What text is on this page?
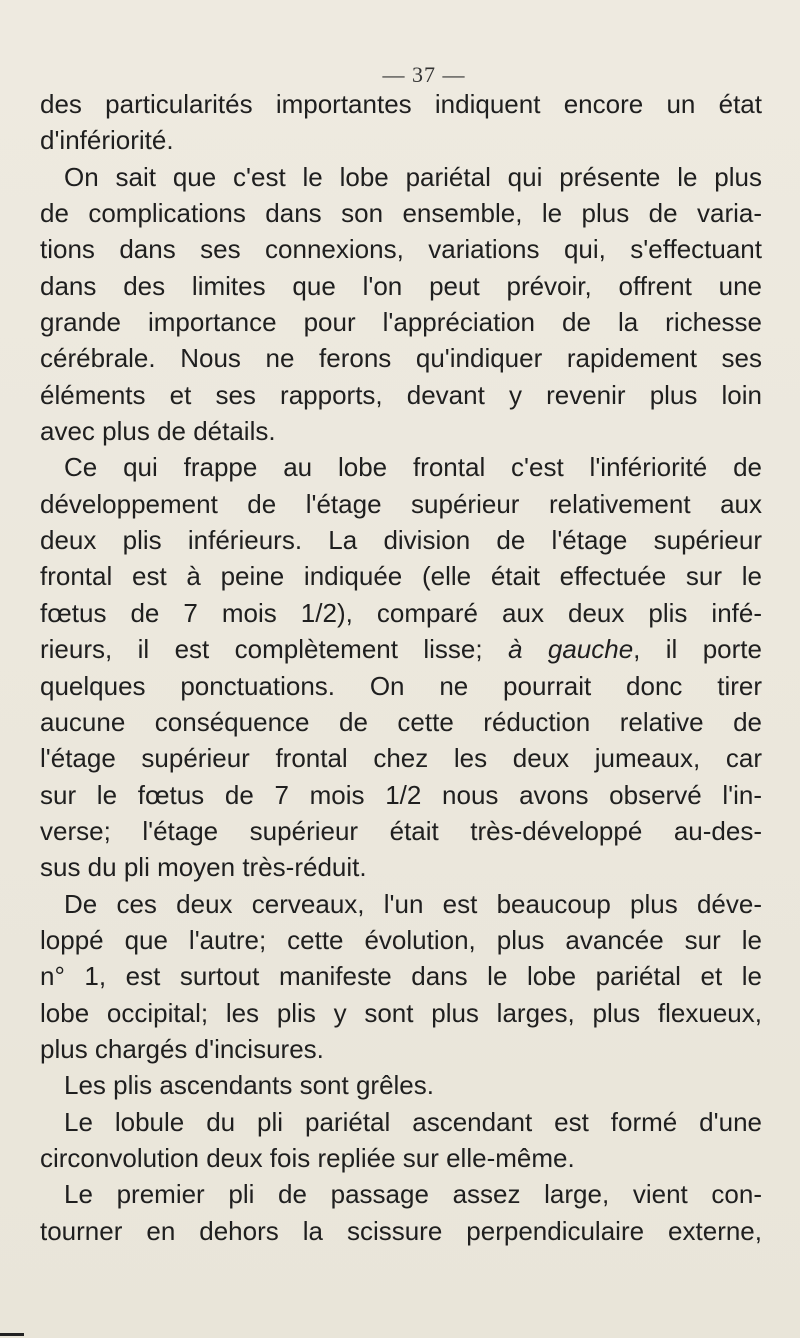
— 37 —
des particularités importantes indiquent encore un état
d'infériorité.
On sait que c'est le lobe pariétal qui présente le plus
de complications dans son ensemble, le plus de varia-
tions dans ses connexions, variations qui, s'effectuant
dans des limites que l'on peut prévoir, offrent une
grande importance pour l'appréciation de la richesse
cérébrale. Nous ne ferons qu'indiquer rapidement ses
éléments et ses rapports, devant y revenir plus loin
avec plus de détails.
Ce qui frappe au lobe frontal c'est l'infériorité de
développement de l'étage supérieur relativement aux
deux plis inférieurs. La division de l'étage supérieur
frontal est à peine indiquée (elle était effectuée sur le
fœtus de 7 mois 1/2), comparé aux deux plis infé-
rieurs, il est complètement lisse; à gauche, il porte
quelques ponctuations. On ne pourrait donc tirer
aucune conséquence de cette réduction relative de
l'étage supérieur frontal chez les deux jumeaux, car
sur le fœtus de 7 mois 1/2 nous avons observé l'in-
verse; l'étage supérieur était très-développé au-des-
sus du pli moyen très-réduit.
De ces deux cerveaux, l'un est beaucoup plus déve-
loppé que l'autre; cette évolution, plus avancée sur le
n° 1, est surtout manifeste dans le lobe pariétal et le
lobe occipital; les plis y sont plus larges, plus flexueux,
plus chargés d'incisures.
Les plis ascendants sont grêles.
Le lobule du pli pariétal ascendant est formé d'une
circonvolution deux fois repliée sur elle-même.
Le premier pli de passage assez large, vient con-
tourner en dehors la scissure perpendiculaire externe,
